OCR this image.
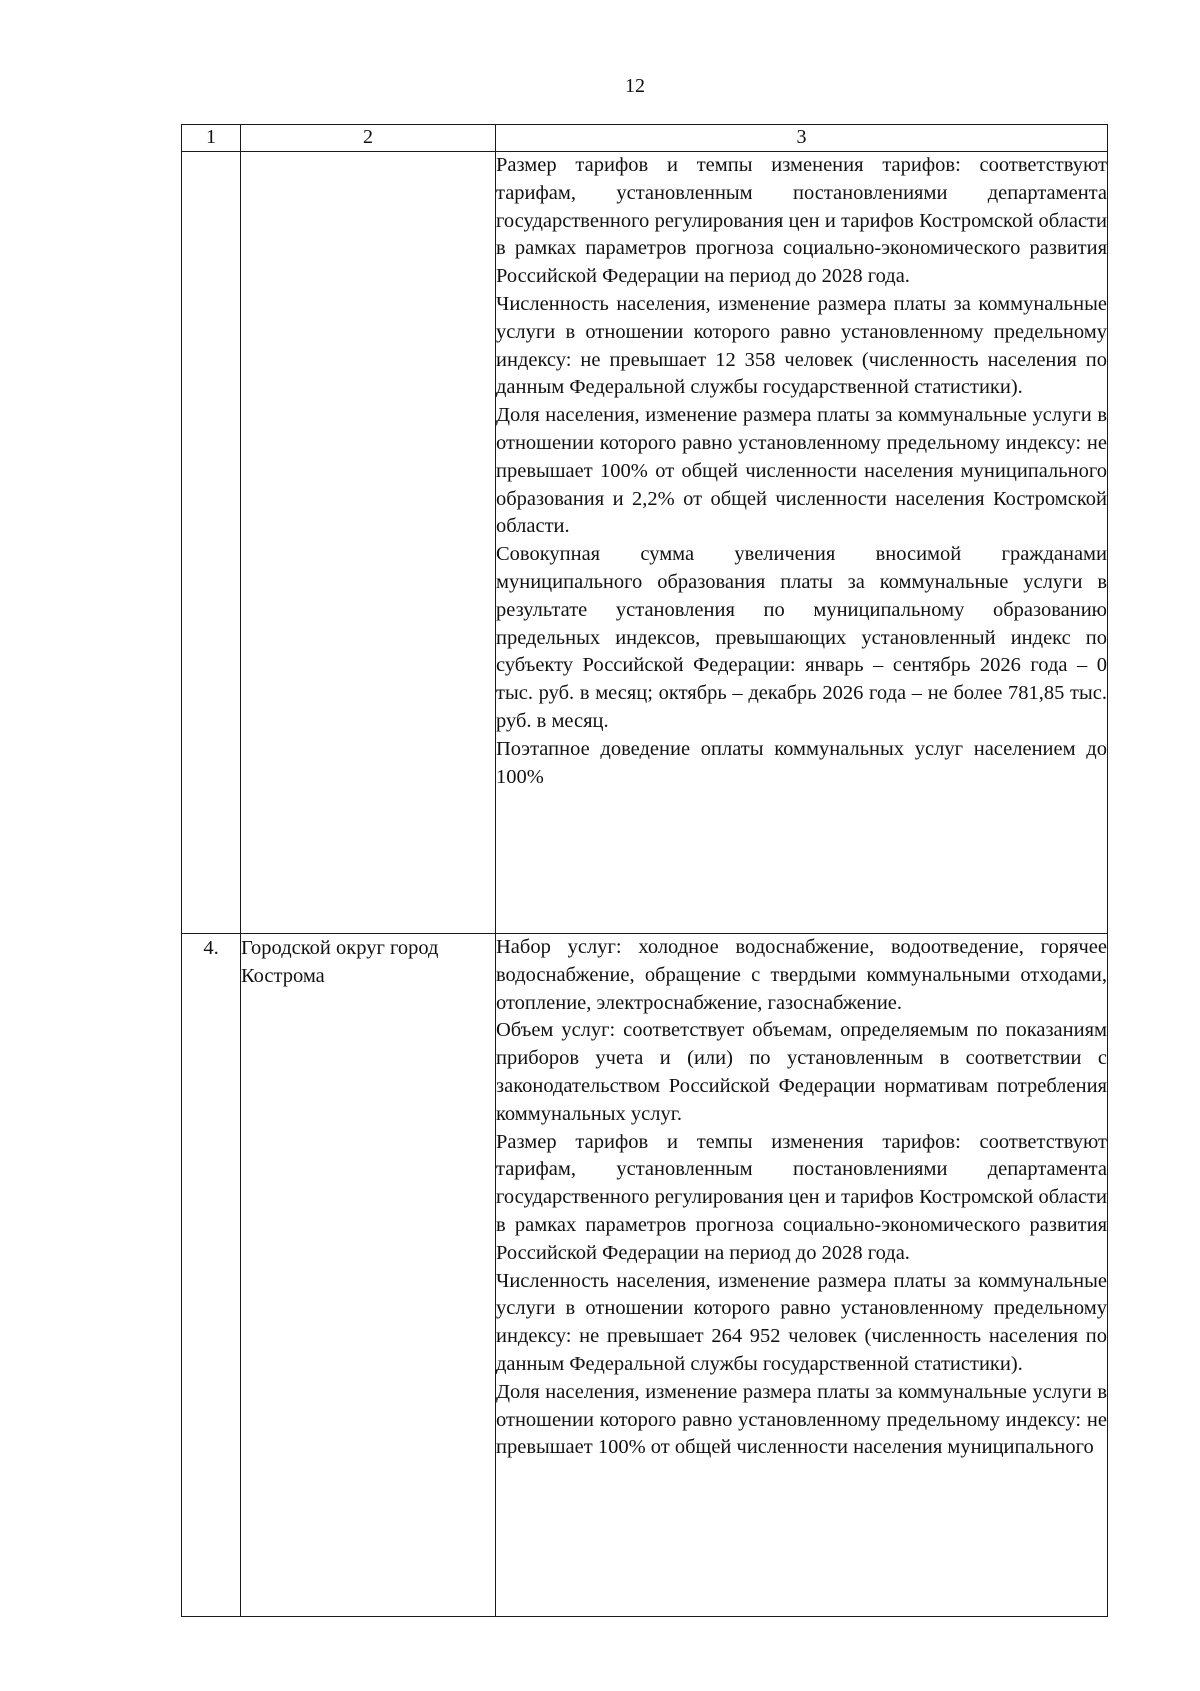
12
1	2	3

		Размер тарифов и темпы изменения тарифов: соответствуют тарифам, установленным постановлениями департамента государственного регулирования цен и тарифов Костромской области в рамках параметров прогноза социально-экономического развития Российской Федерации на период до 2028 года.

Численность населения, изменение размера платы за коммунальные услуги в отношении которого равно установленному предельному индексу: не превышает 12 358 человек (численность населения по данным Федеральной службы государственной статистики).

Доля населения, изменение размера платы за коммунальные услуги в отношении которого равно установленному предельному индексу: не превышает 100% от общей численности населения муниципального образования и 2,2% от общей численности населения Костромской области.

Совокупная сумма увеличения вносимой гражданами муниципального образования платы за коммунальные услуги в результате установления по муниципальному образованию предельных индексов, превышающих установленный индекс по субъекту Российской Федерации: январь – сентябрь 2026 года – 0 тыс. руб. в месяц; октябрь – декабрь 2026 года – не более 781,85 тыс. руб. в месяц.

Поэтапное доведение оплаты коммунальных услуг населением до 100%

4.	Городской округ город Кострома	Набор услуг: холодное водоснабжение, водоотведение, горячее водоснабжение, обращение с твердыми коммунальными отходами, отопление, электроснабжение, газоснабжение.

Объем услуг: соответствует объемам, определяемым по показаниям приборов учета и (или) по установленным в соответствии с законодательством Российской Федерации нормативам потребления коммунальных услуг.

Размер тарифов и темпы изменения тарифов: соответствуют тарифам, установленным постановлениями департамента государственного регулирования цен и тарифов Костромской области в рамках параметров прогноза социально-экономического развития Российской Федерации на период до 2028 года.

Численность населения, изменение размера платы за коммунальные услуги в отношении которого равно установленному предельному индексу: не превышает 264 952 человек (численность населения по данным Федеральной службы государственной статистики).

Доля населения, изменение размера платы за коммунальные услуги в отношении которого равно установленному предельному индексу: не превышает 100% от общей численности населения муниципального
